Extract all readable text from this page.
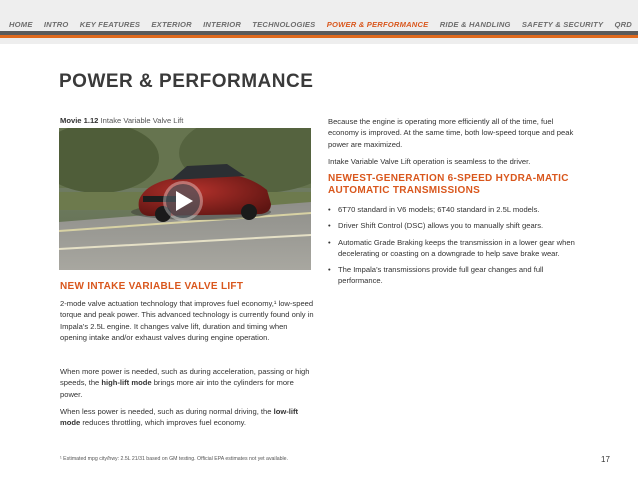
HOME INTRO KEY FEATURES EXTERIOR INTERIOR TECHNOLOGIES POWER & PERFORMANCE RIDE & HANDLING SAFETY & SECURITY QRD
POWER & PERFORMANCE
Movie 1.12 Intake Variable Valve Lift
NEW INTAKE VARIABLE VALVE LIFT

2-mode valve actuation technology that improves fuel economy,¹ low-speed torque and peak power. This advanced technology is currently found only in Impala’s 2.5L engine. It changes valve lift, duration and timing when opening intake and/or exhaust valves during engine operation.

When more power is needed, such as during acceleration, passing or high speeds, the high-lift mode brings more air into the cylinders for more power.

When less power is needed, such as during normal driving, the low-lift mode reduces throttling, which improves fuel economy.

Because the engine is operating more efficiently all of the time, fuel economy is improved. At the same time, both low-speed torque and peak power are maximized.

Intake Variable Valve Lift operation is seamless to the driver.

NEWEST-GENERATION 6-SPEED HYDRA-MATIC AUTOMATIC TRANSMISSIONS
• 6T70 standard in V6 models; 6T40 standard in 2.5L models.
• Driver Shift Control (DSC) allows you to manually shift gears.
• Automatic Grade Braking keeps the transmission in a lower gear when decelerating or coasting on a downgrade to help save brake wear.
• The Impala’s transmissions provide full gear changes and full performance.
¹ Estimated mpg city/hwy: 2.5L 21/31 based on GM testing. Official EPA estimates not yet available.	17
